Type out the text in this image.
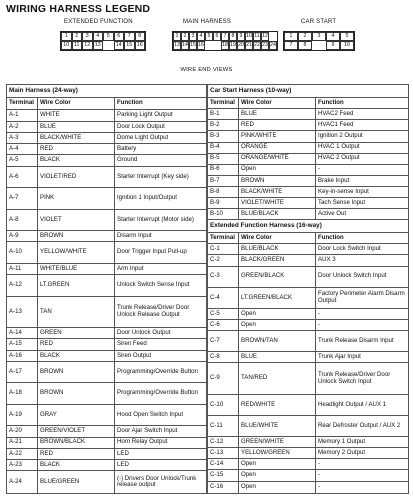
WIRING HARNESS LEGEND
EXTENDED FUNCTION	MAIN HARNESS	CAR START
1	2	3	4	5	6	7	8
10 11 12 13	14 15 16
1 2 3 4 5 6 7 8 9 10 11 12
13 14 15 16	18 19 20 21 22 23 24
1	2	3	4	5
7	8	9	10
WIRE END VIEWS
Main Harness (24-way)		
Terminal	Wire Color	Function
A-1	WHITE	Parking Light Output
A-2	BLUE	Door Lock Output
A-3	BLACK/WHITE	Dome Light Output
A-4	RED	Battery
A-5	BLACK	Ground
A-6	VIOLET/RED	Starter Interrupt (Key side)
A-7	PINK	Ignition 1 Input/Output
A-8	VIOLET	Starter Interrupt (Motor side)
A-9	BROWN	Disarm Input
A-10	YELLOW/WHITE	Door Trigger Input Pull-up
A-11	WHITE/BLUE	Arm Input
A-12	LT.GREEN	Unlock Switch Sense Input
A-13	TAN	Trunk Release/Driver Door Unlock Release Output
A-14	GREEN	Door Unlock Output
A-15	RED	Siren Feed
A-16	BLACK	Siren Output
A-17	BROWN	Programming/Override Button
A-18	BROWN	Programming/Override Button
A-19	GRAY	Hood Open Switch Input
A-20	GREEN/VIOLET	Door Ajar Switch Input
A-21	BROWN/BLACK	Horn Relay Output
A-22	RED	LED
A-23	BLACK	LED
A-24	BLUE/GREEN	(-) Drivers Door Unlock/Trunk release output
Car Start Harness (10-way)		
Terminal	Wire Color	Function
B-1	BLUE	HVAC2 Feed
B-2	RED	HVAC1 Feed
B-3	PINK/WHITE	Ignition 2 Output
B-4	ORANGE	HVAC 1 Output
B-5	ORANGE/WHITE	HVAC 2 Output
B-6	Open	-
B-7	BROWN	Brake Input
B-8	BLACK/WHITE	Key-in-sense Input
B-9	VIOLET/WHITE	Tach Sense Input
B-10	BLUE/BLACK	Active Out
Extended Function Harness (16-way)		
Terminal	Wire Color	Function
C-1	BLUE/BLACK	Door Lock Switch Input
C-2	BLACK/GREEN	AUX 3
C-3	GREEN/BLACK	Door Unlock Switch Input
C-4	LT.GREEN/BLACK	Factory Perimeter Alarm Disarm Output
C-5	Open	-
C-6	Open	-
C-7	BROWN/TAN	Trunk Release Disarm Input
C-8	BLUE	Trunk Ajar Input
C-9	TAN/RED	Trunk Release/Driver Door Unlock Switch Input
C-10	RED/WHITE	Headlight Output / AUX 1
C-11	BLUE/WHITE	Rear Defroster Output / AUX 2
C-12	GREEN/WHITE	Memory 1 Output
C-13	YELLOW/GREEN	Memory 2 Output
C-14	Open	-
C-15	Open	-
C-16	Open	-
